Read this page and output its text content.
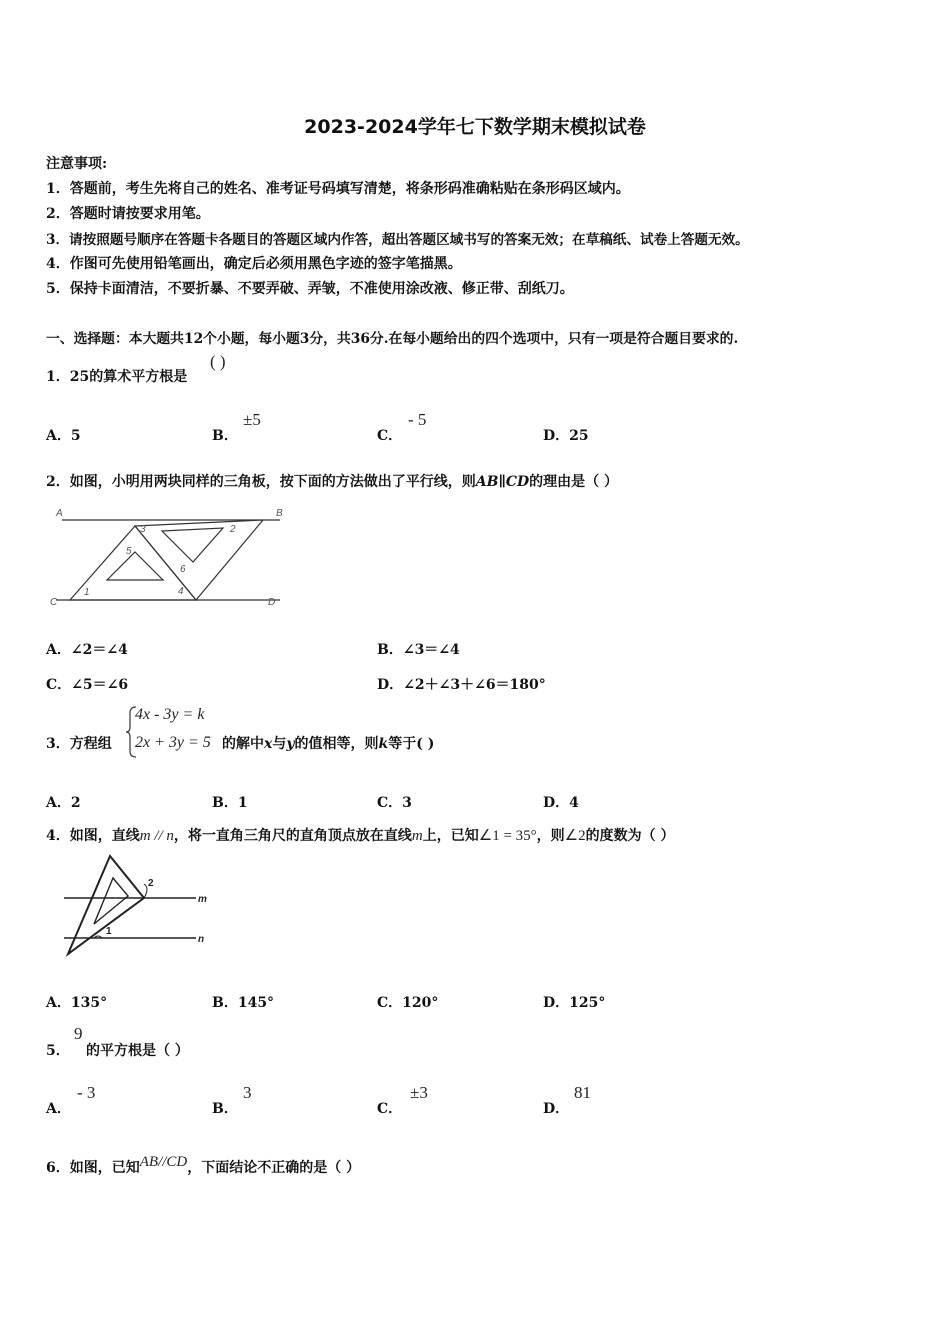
2023-2024学年七下数学期末模拟试卷
注意事项:
1．答题前，考生先将自己的姓名、准考证号码填写清楚，将条形码准确粘贴在条形码区域内。
2．答题时请按要求用笔。
3．请按照题号顺序在答题卡各题目的答题区域内作答，超出答题区域书写的答案无效；在草稿纸、试卷上答题无效。
4．作图可先使用铅笔画出，确定后必须用黑色字迹的签字笔描黑。
5．保持卡面清洁，不要折暴、不要弄破、弄皱，不准使用涂改液、修正带、刮纸刀。
一、选择题：本大题共12个小题，每小题3分，共36分.在每小题给出的四个选项中，只有一项是符合题目要求的.
1．25的算术平方根是
( )
A．5	B．
±5
C．
- 5
D．25
2．如图，小明用两块同样的三角板，按下面的方法做出了平行线，则AB∥CD的理由是（ ）
A	B
C	D
1
2
3
4
5
6
A．∠2＝∠4	B．∠3＝∠4
C．∠5＝∠6	D．∠2＋∠3＋∠6＝180°
3．方程组
4x - 3y = k
2x + 3y = 5 的解中x与y的值相等，则k等于( )
A．2	B．1	C．3	D．4
4．如图，直线m // n，将一直角三角尺的直角顶点放在直线m上，已知∠1 = 35°，则∠2的度数为（ ）
2
1
m
n
A．135°	B．145°	C．120°	D．125°
5．
9
的平方根是（ ）
A．
- 3
B．
3
C．
±3
D．
81
6．如图，已知AB//CD，下面结论不正确的是（ ）
